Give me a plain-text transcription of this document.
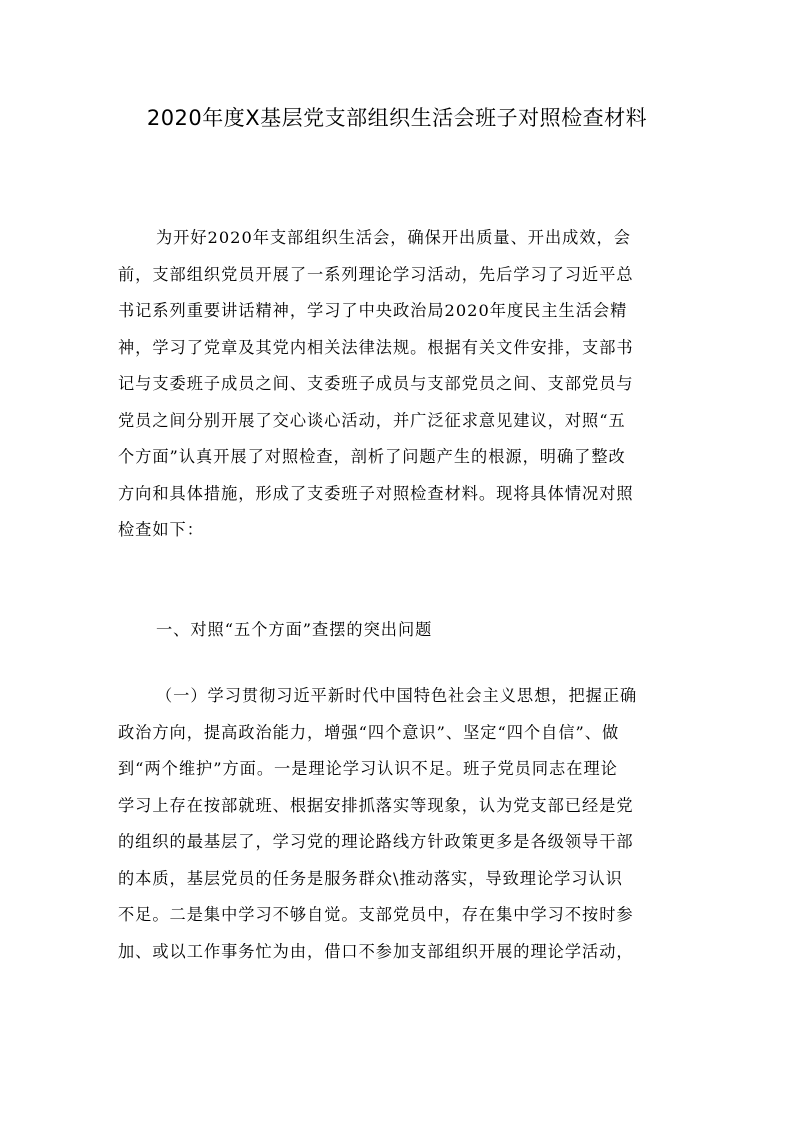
2020年度X基层党支部组织生活会班子对照检查材料
为开好2020年支部组织生活会，确保开出质量、开出成效，会
前，支部组织党员开展了一系列理论学习活动，先后学习了习近平总
书记系列重要讲话精神，学习了中央政治局2020年度民主生活会精
神，学习了党章及其党内相关法律法规。根据有关文件安排，支部书
记与支委班子成员之间、支委班子成员与支部党员之间、支部党员与
党员之间分别开展了交心谈心活动，并广泛征求意见建议，对照“五
个方面”认真开展了对照检查，剖析了问题产生的根源，明确了整改
方向和具体措施，形成了支委班子对照检查材料。现将具体情况对照
检查如下：
一、对照“五个方面”查摆的突出问题
（一）学习贯彻习近平新时代中国特色社会主义思想，把握正确
政治方向，提高政治能力，增强“四个意识”、坚定“四个自信”、做
到“两个维护”方面。一是理论学习认识不足。班子党员同志在理论
学习上存在按部就班、根据安排抓落实等现象，认为党支部已经是党
的组织的最基层了，学习党的理论路线方针政策更多是各级领导干部
的本质，基层党员的任务是服务群众\推动落实，导致理论学习认识
不足。二是集中学习不够自觉。支部党员中，存在集中学习不按时参
加、或以工作事务忙为由，借口不参加支部组织开展的理论学活动，
